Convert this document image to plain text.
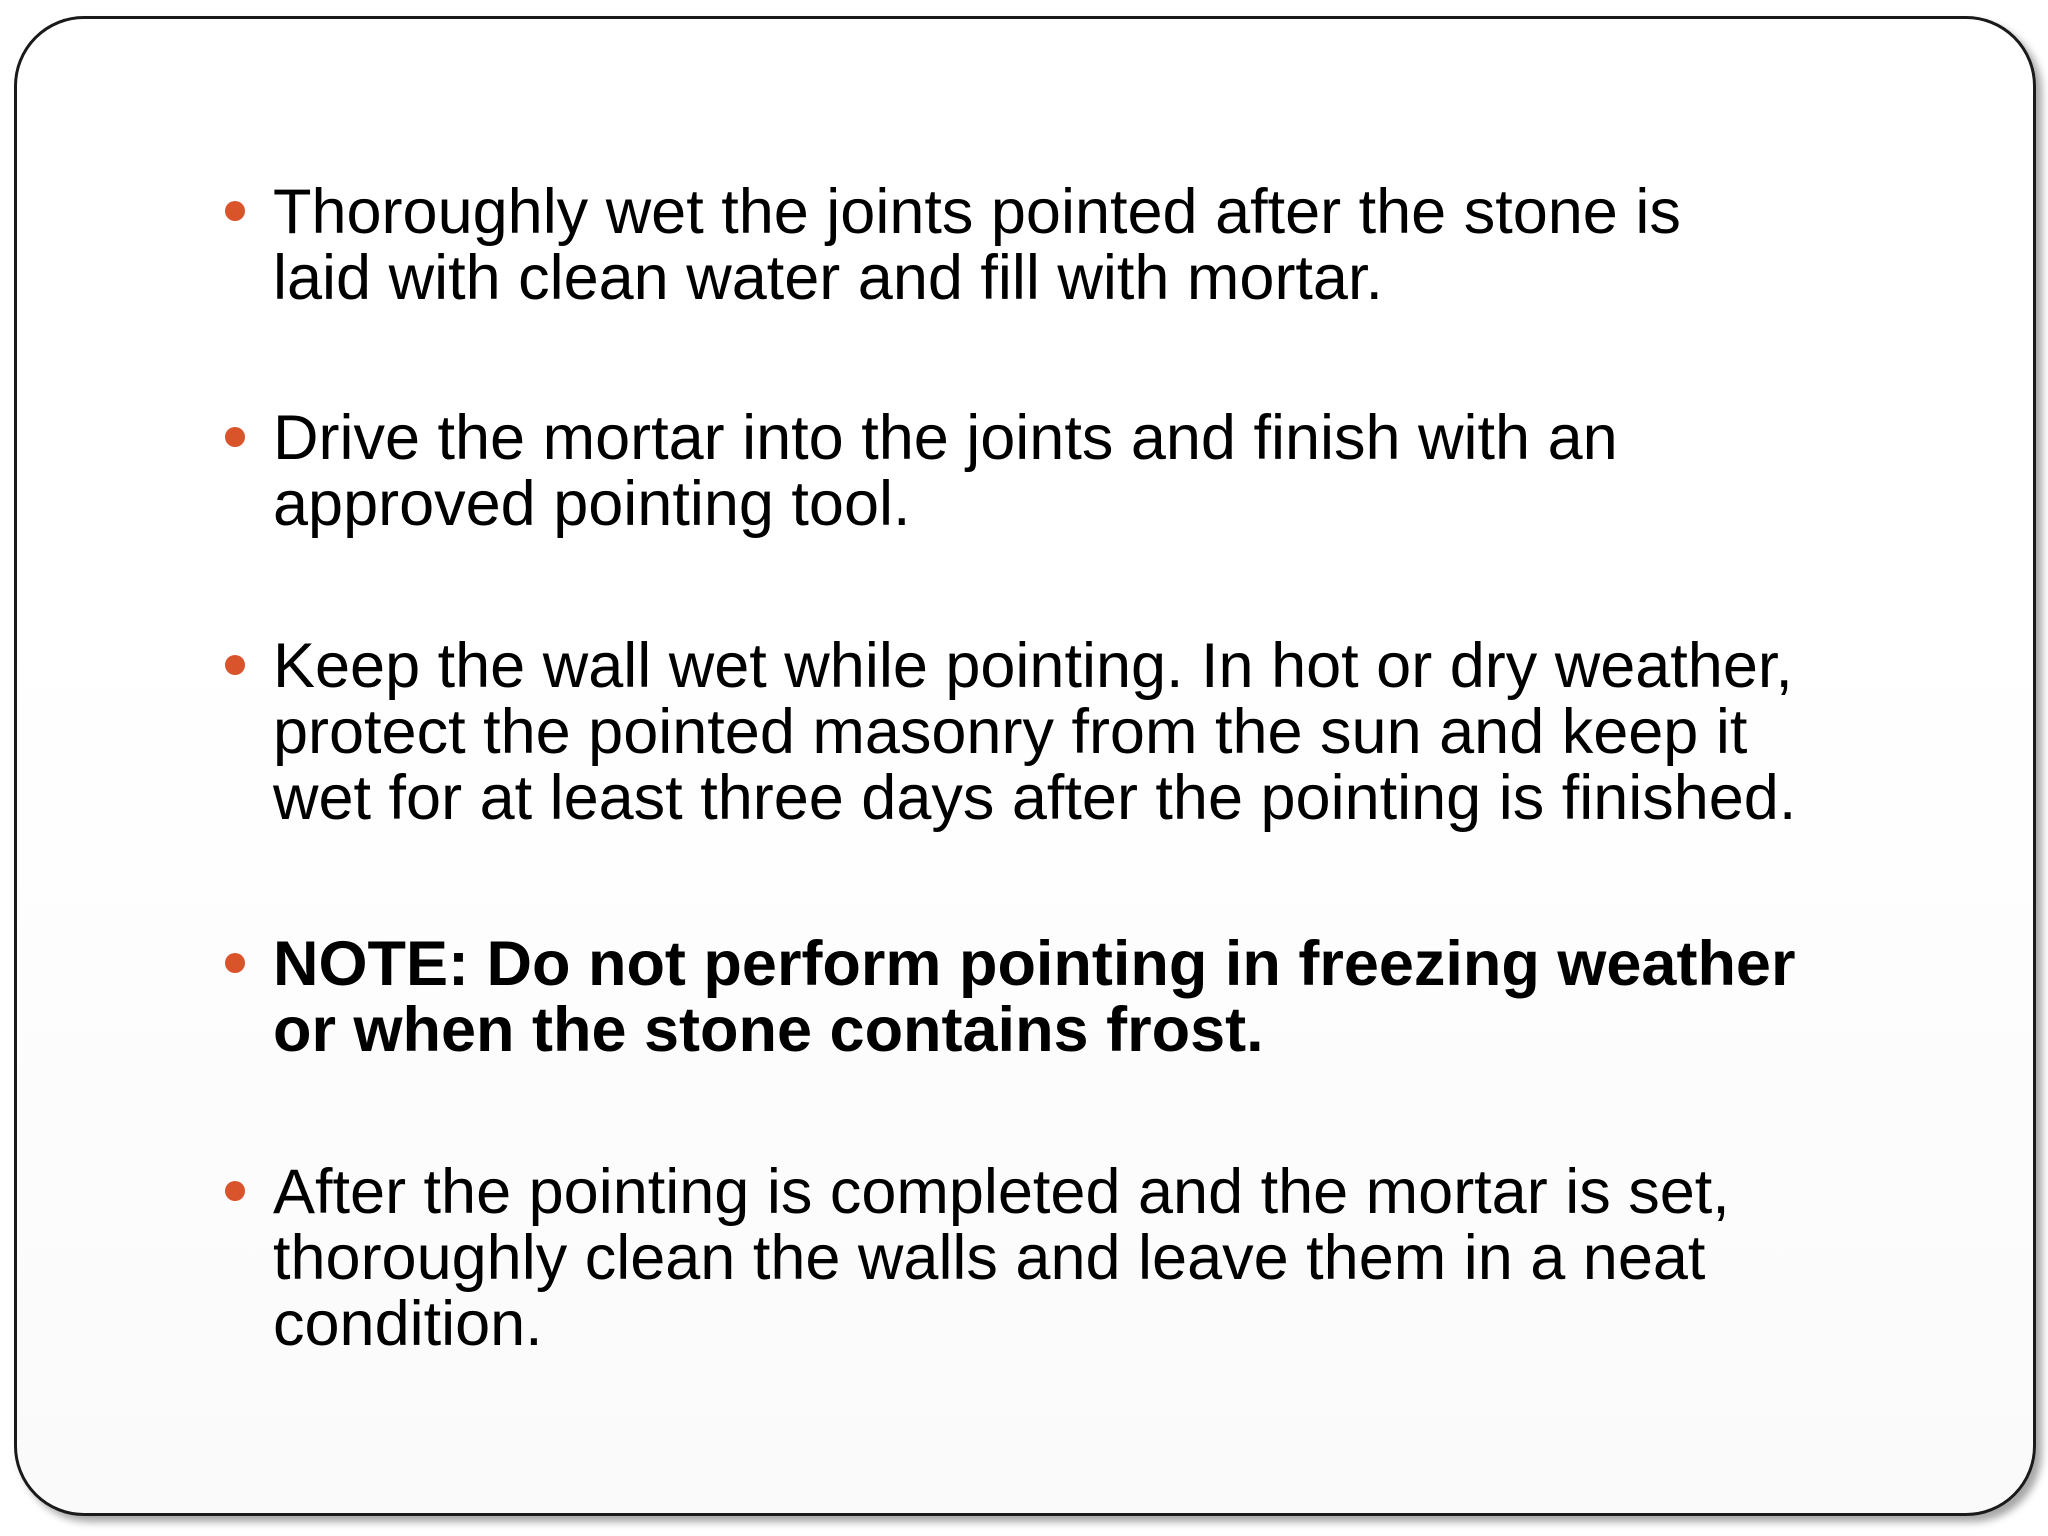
Thoroughly wet the joints pointed after the stone is
laid with clean water and fill with mortar.
Drive the mortar into the joints and finish with an
approved pointing tool.
Keep the wall wet while pointing. In hot or dry weather,
protect the pointed masonry from the sun and keep it
wet for at least three days after the pointing is finished.
NOTE: Do not perform pointing in freezing weather
or when the stone contains frost.
After the pointing is completed and the mortar is set,
thoroughly clean the walls and leave them in a neat
condition.
